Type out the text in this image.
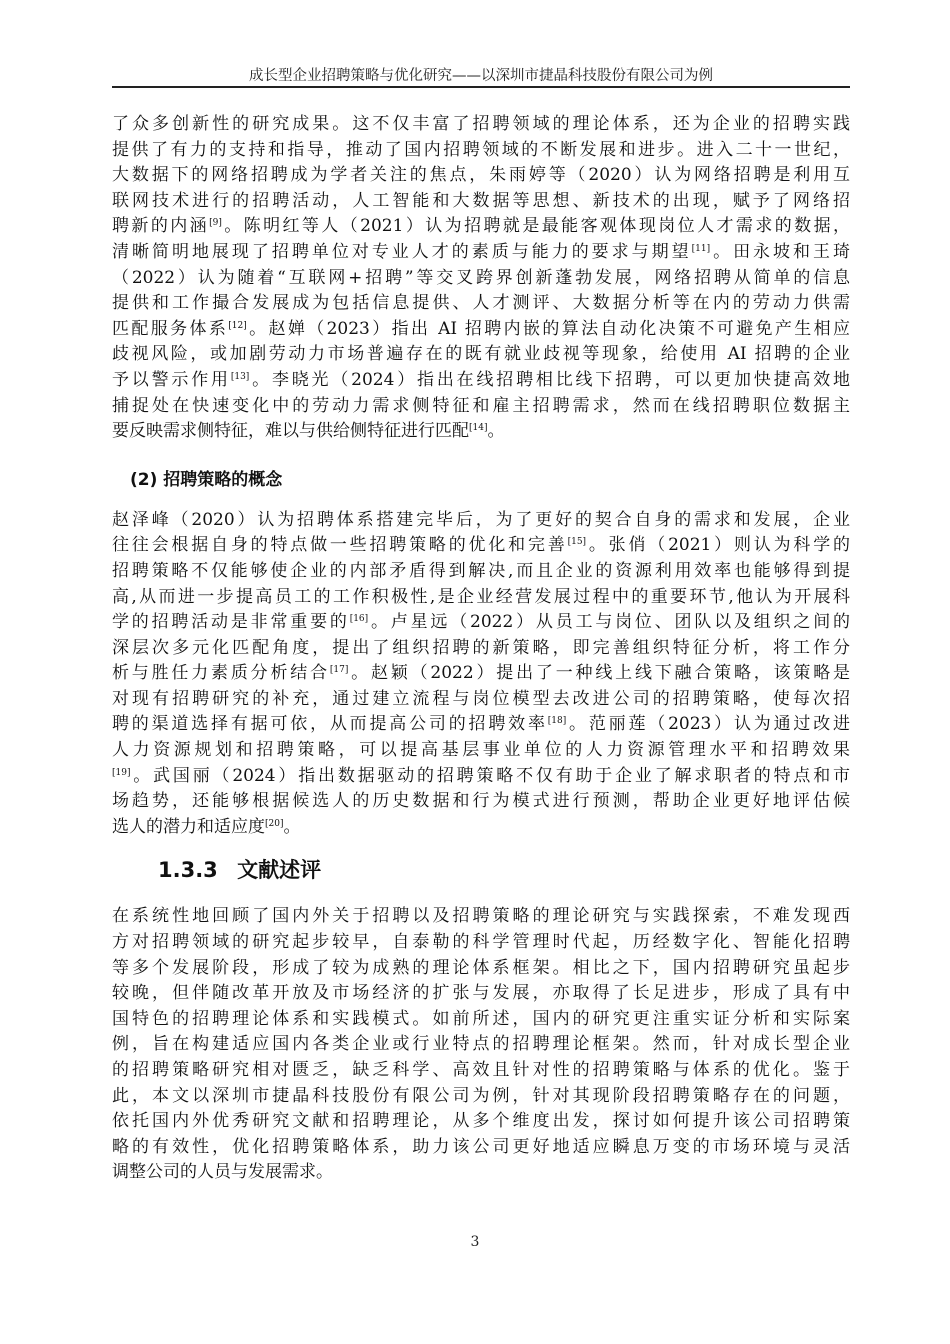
成长型企业招聘策略与优化研究——以深圳市捷晶科技股份有限公司为例
了众多创新性的研究成果。这不仅丰富了招聘领域的理论体系，还为企业的招聘实践
提供了有力的支持和指导，推动了国内招聘领域的不断发展和进步。进入二十一世纪，
大数据下的网络招聘成为学者关注的焦点，朱雨婷等（2020）认为网络招聘是利用互
联网技术进行的招聘活动，人工智能和大数据等思想、新技术的出现，赋予了网络招
聘新的内涵[9]。陈明红等人（2021）认为招聘就是最能客观体现岗位人才需求的数据，
清晰简明地展现了招聘单位对专业人才的素质与能力的要求与期望[11]。田永坡和王琦
（2022）认为随着“互联网+招聘”等交叉跨界创新蓬勃发展，网络招聘从简单的信息
提供和工作撮合发展成为包括信息提供、人才测评、大数据分析等在内的劳动力供需
匹配服务体系[12]。赵婵（2023）指出 AI 招聘内嵌的算法自动化决策不可避免产生相应
歧视风险，或加剧劳动力市场普遍存在的既有就业歧视等现象，给使用 AI 招聘的企业
予以警示作用[13]。李晓光（2024）指出在线招聘相比线下招聘，可以更加快捷高效地
捕捉处在快速变化中的劳动力需求侧特征和雇主招聘需求，然而在线招聘职位数据主
要反映需求侧特征，难以与供给侧特征进行匹配[14]。
(2) 招聘策略的概念
赵泽峰（2020）认为招聘体系搭建完毕后，为了更好的契合自身的需求和发展，企业
往往会根据自身的特点做一些招聘策略的优化和完善[15]。张俏（2021）则认为科学的
招聘策略不仅能够使企业的内部矛盾得到解决,而且企业的资源利用效率也能够得到提
高,从而进一步提高员工的工作积极性,是企业经营发展过程中的重要环节,他认为开展科
学的招聘活动是非常重要的[16]。卢星远（2022）从员工与岗位、团队以及组织之间的
深层次多元化匹配角度，提出了组织招聘的新策略，即完善组织特征分析，将工作分
析与胜任力素质分析结合[17]。赵颖（2022）提出了一种线上线下融合策略，该策略是
对现有招聘研究的补充，通过建立流程与岗位模型去改进公司的招聘策略，使每次招
聘的渠道选择有据可依，从而提高公司的招聘效率[18]。范丽莲（2023）认为通过改进
人力资源规划和招聘策略，可以提高基层事业单位的人力资源管理水平和招聘效果
[19]。武国丽（2024）指出数据驱动的招聘策略不仅有助于企业了解求职者的特点和市
场趋势，还能够根据候选人的历史数据和行为模式进行预测，帮助企业更好地评估候
选人的潜力和适应度[20]。
1.3.3 文献述评
在系统性地回顾了国内外关于招聘以及招聘策略的理论研究与实践探索，不难发现西
方对招聘领域的研究起步较早，自泰勒的科学管理时代起，历经数字化、智能化招聘
等多个发展阶段，形成了较为成熟的理论体系框架。相比之下，国内招聘研究虽起步
较晚，但伴随改革开放及市场经济的扩张与发展，亦取得了长足进步，形成了具有中
国特色的招聘理论体系和实践模式。如前所述，国内的研究更注重实证分析和实际案
例，旨在构建适应国内各类企业或行业特点的招聘理论框架。然而，针对成长型企业
的招聘策略研究相对匮乏，缺乏科学、高效且针对性的招聘策略与体系的优化。鉴于
此，本文以深圳市捷晶科技股份有限公司为例，针对其现阶段招聘策略存在的问题，
依托国内外优秀研究文献和招聘理论，从多个维度出发，探讨如何提升该公司招聘策
略的有效性，优化招聘策略体系，助力该公司更好地适应瞬息万变的市场环境与灵活
调整公司的人员与发展需求。
3
